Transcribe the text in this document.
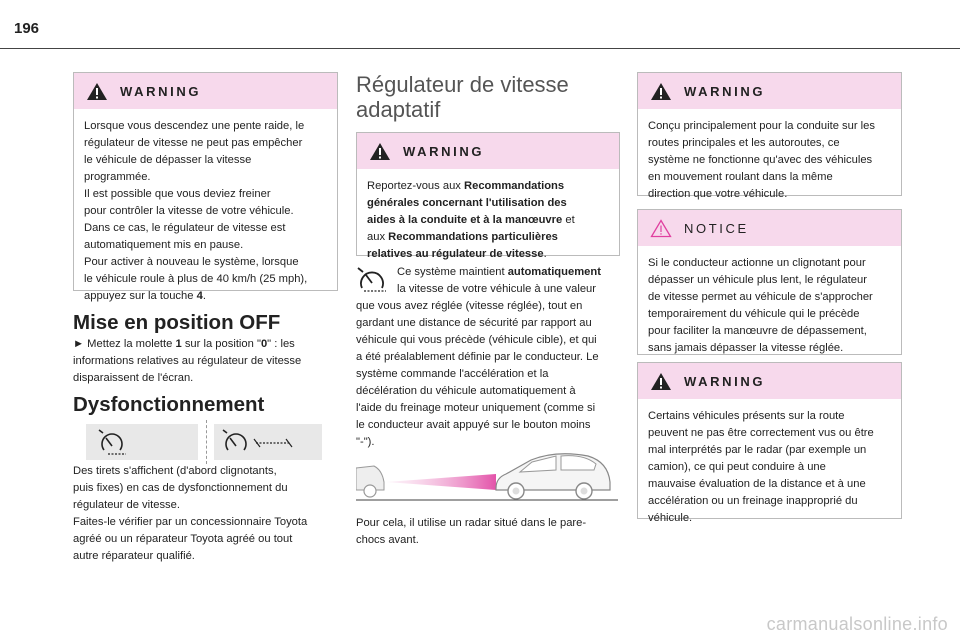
196
WARNING

Lorsque vous descendez une pente raide, le

régulateur de vitesse ne peut pas empêcher

le véhicule de dépasser la vitesse

programmée.

Il est possible que vous deviez freiner

pour contrôler la vitesse de votre véhicule.

Dans ce cas, le régulateur de vitesse est

automatiquement mis en pause.

Pour activer à nouveau le système, lorsque

le véhicule roule à plus de 40 km/h (25 mph),

appuyez sur la touche 4.

Mise en position OFF

► Mettez la molette 1 sur la position "0" : les

informations relatives au régulateur de vitesse

disparaissent de l'écran.

Dysfonctionnement

Des tirets s'affichent (d'abord clignotants,

puis fixes) en cas de dysfonctionnement du

régulateur de vitesse.

Faites-le vérifier par un concessionnaire Toyota

agréé ou un réparateur Toyota agréé ou tout

autre réparateur qualifié.

Régulateur de vitesse
adaptatif
WARNING

Reportez-vous aux Recommandations

générales concernant l'utilisation des

aides à la conduite et à la manœuvre et

aux Recommandations particulières

relatives au régulateur de vitesse.

Ce système maintient automatiquement

la vitesse de votre véhicule à une valeur

que vous avez réglée (vitesse réglée), tout en

gardant une distance de sécurité par rapport au

véhicule qui vous précède (véhicule cible), et qui

a été préalablement définie par le conducteur. Le

système commande l'accélération et la

décélération du véhicule automatiquement à

l'aide du freinage moteur uniquement (comme si

le conducteur avait appuyé sur le bouton moins

"-").

Pour cela, il utilise un radar situé dans le pare-

chocs avant.

WARNING

Conçu principalement pour la conduite sur les

routes principales et les autoroutes, ce

système ne fonctionne qu'avec des véhicules

en mouvement roulant dans la même

direction que votre véhicule.

NOTICE

Si le conducteur actionne un clignotant pour

dépasser un véhicule plus lent, le régulateur

de vitesse permet au véhicule de s'approcher

temporairement du véhicule qui le précède

pour faciliter la manœuvre de dépassement,

sans jamais dépasser la vitesse réglée.

WARNING

Certains véhicules présents sur la route

peuvent ne pas être correctement vus ou être

mal interprétés par le radar (par exemple un

camion), ce qui peut conduire à une

mauvaise évaluation de la distance et à une

accélération ou un freinage inapproprié du

véhicule.

carmanualsonline.info
